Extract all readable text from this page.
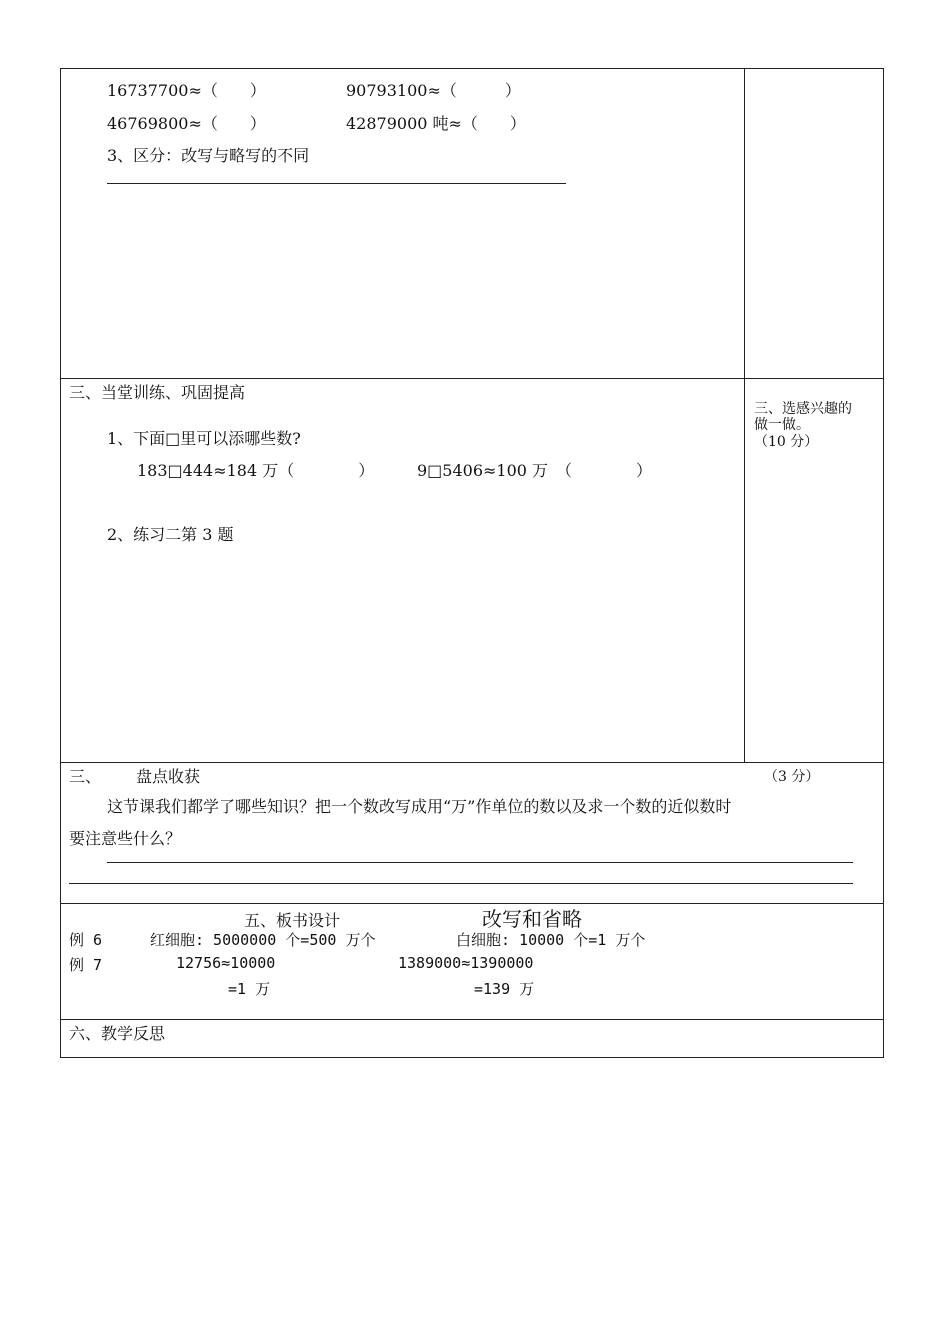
16737700≈（　　）	90793100≈（　　　）
46769800≈（　　）	42879000 吨≈（　　）
3、区分：改写与略写的不同
三、当堂训练、巩固提高
1、下面□里可以添哪些数?
183□444≈184 万（　　　　）	9□5406≈100 万　（　　　　）
2、练习二第 3 题
三、选感兴趣的
做一做。
（10 分）
三、 盘点收获	（3 分）
这节课我们都学了哪些知识？把一个数改写成用“万”作单位的数以及求一个数的近似数时
要注意些什么？
五、板书设计	改写和省略
例 6	红细胞: 5000000 个=500 万个	白细胞: 10000 个=1 万个
例 7	12756≈10000	1389000≈1390000
=1 万	=139 万
六、教学反思
